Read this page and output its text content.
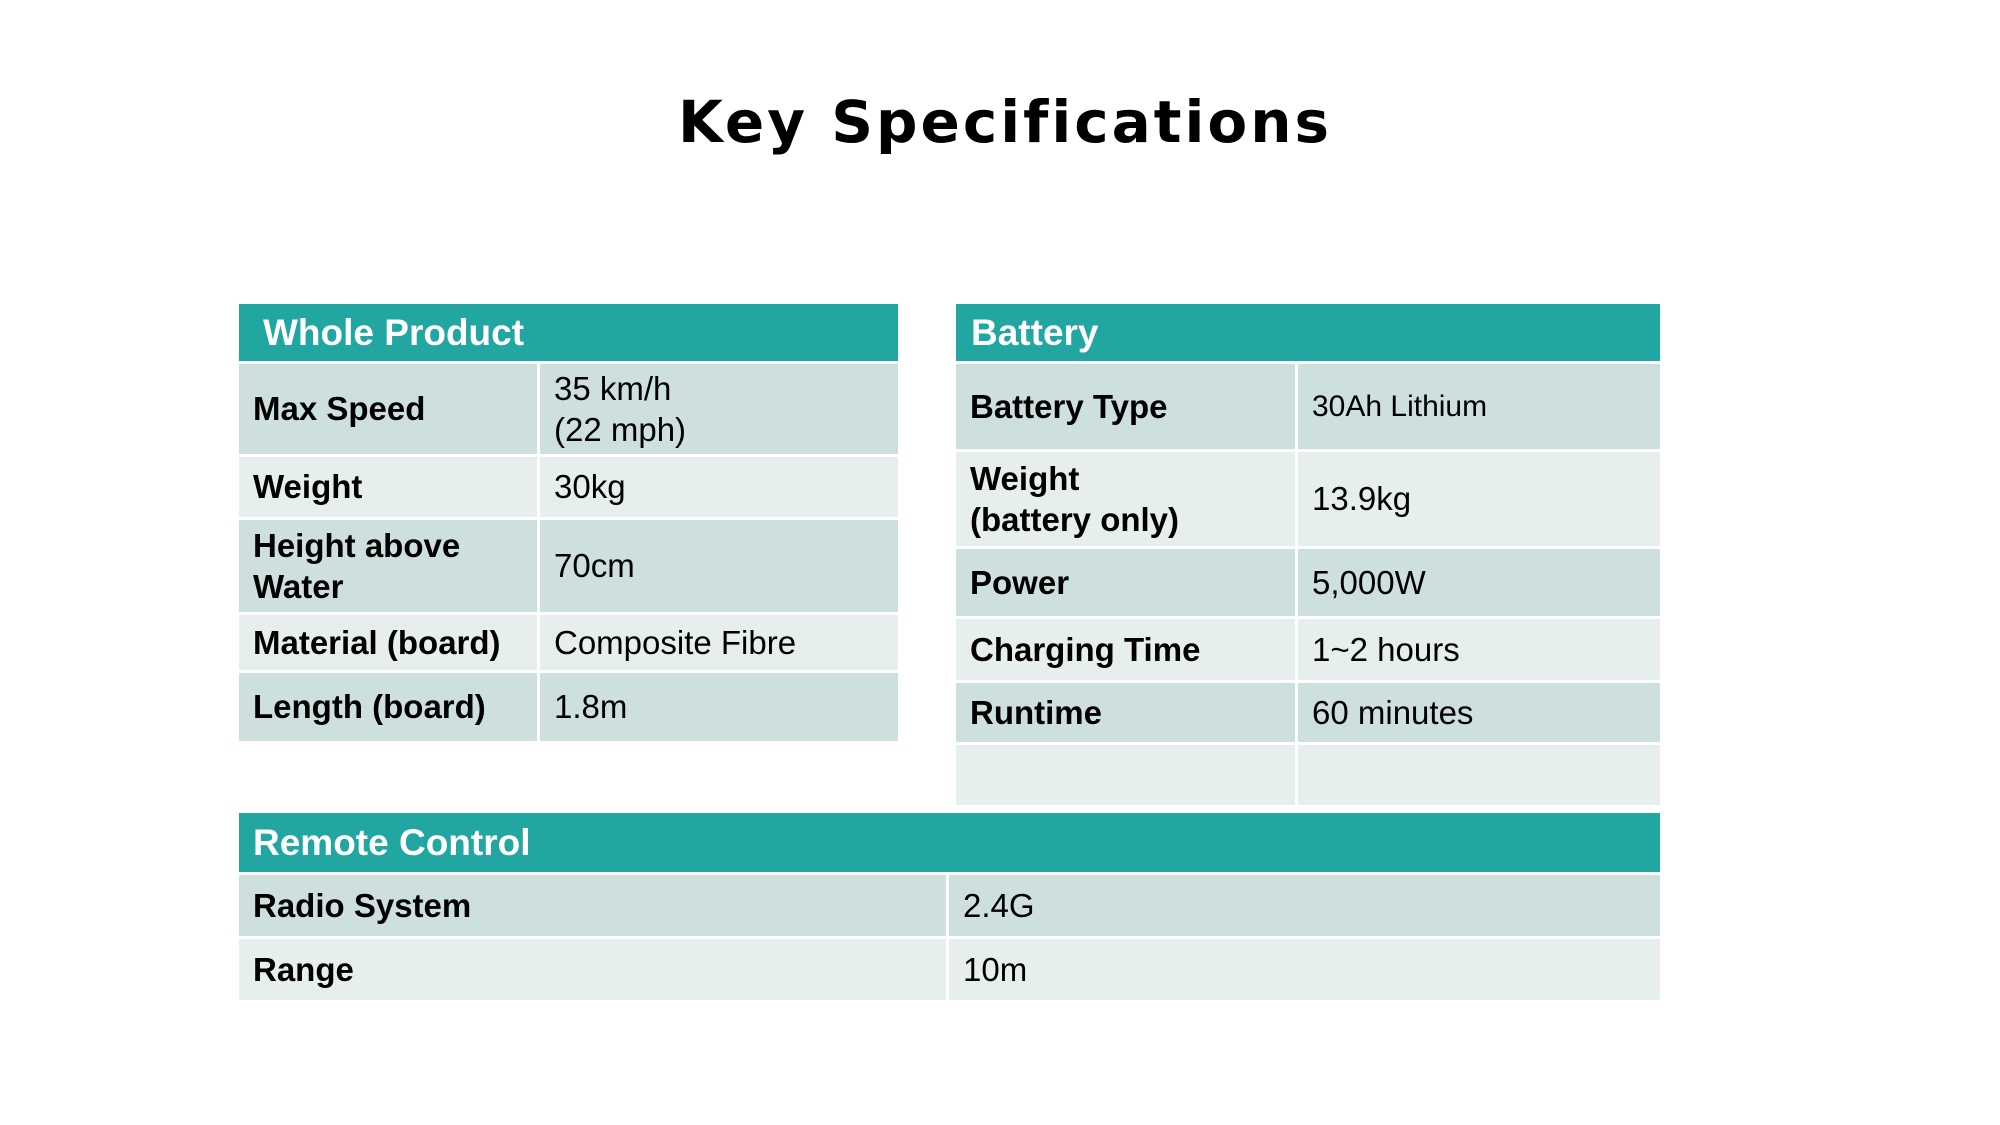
Key Specifications
Whole Product	
Max Speed	35 km/h
(22 mph)
Weight	30kg
Height above
Water	70cm
Material (board)	Composite Fibre
Length (board)	1.8m
Battery	
Battery Type	30Ah Lithium
Weight
(battery only)	13.9kg
Power	5,000W
Charging Time	1~2 hours
Runtime	60 minutes

Remote Control	
Radio System	2.4G
Range	10m
